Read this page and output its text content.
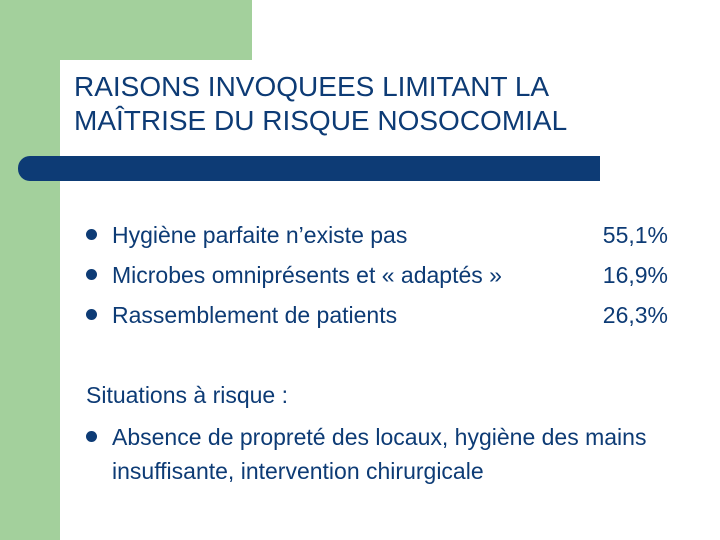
RAISONS INVOQUEES LIMITANT LA
MAÎTRISE DU RISQUE NOSOCOMIAL
Hygiène parfaite n’existe pas	55,1%
Microbes omniprésents et « adaptés »	16,9%
Rassemblement de patients	26,3%

Situations à risque :

Absence de propreté des locaux, hygiène des mains insuffisante, intervention chirurgicale
